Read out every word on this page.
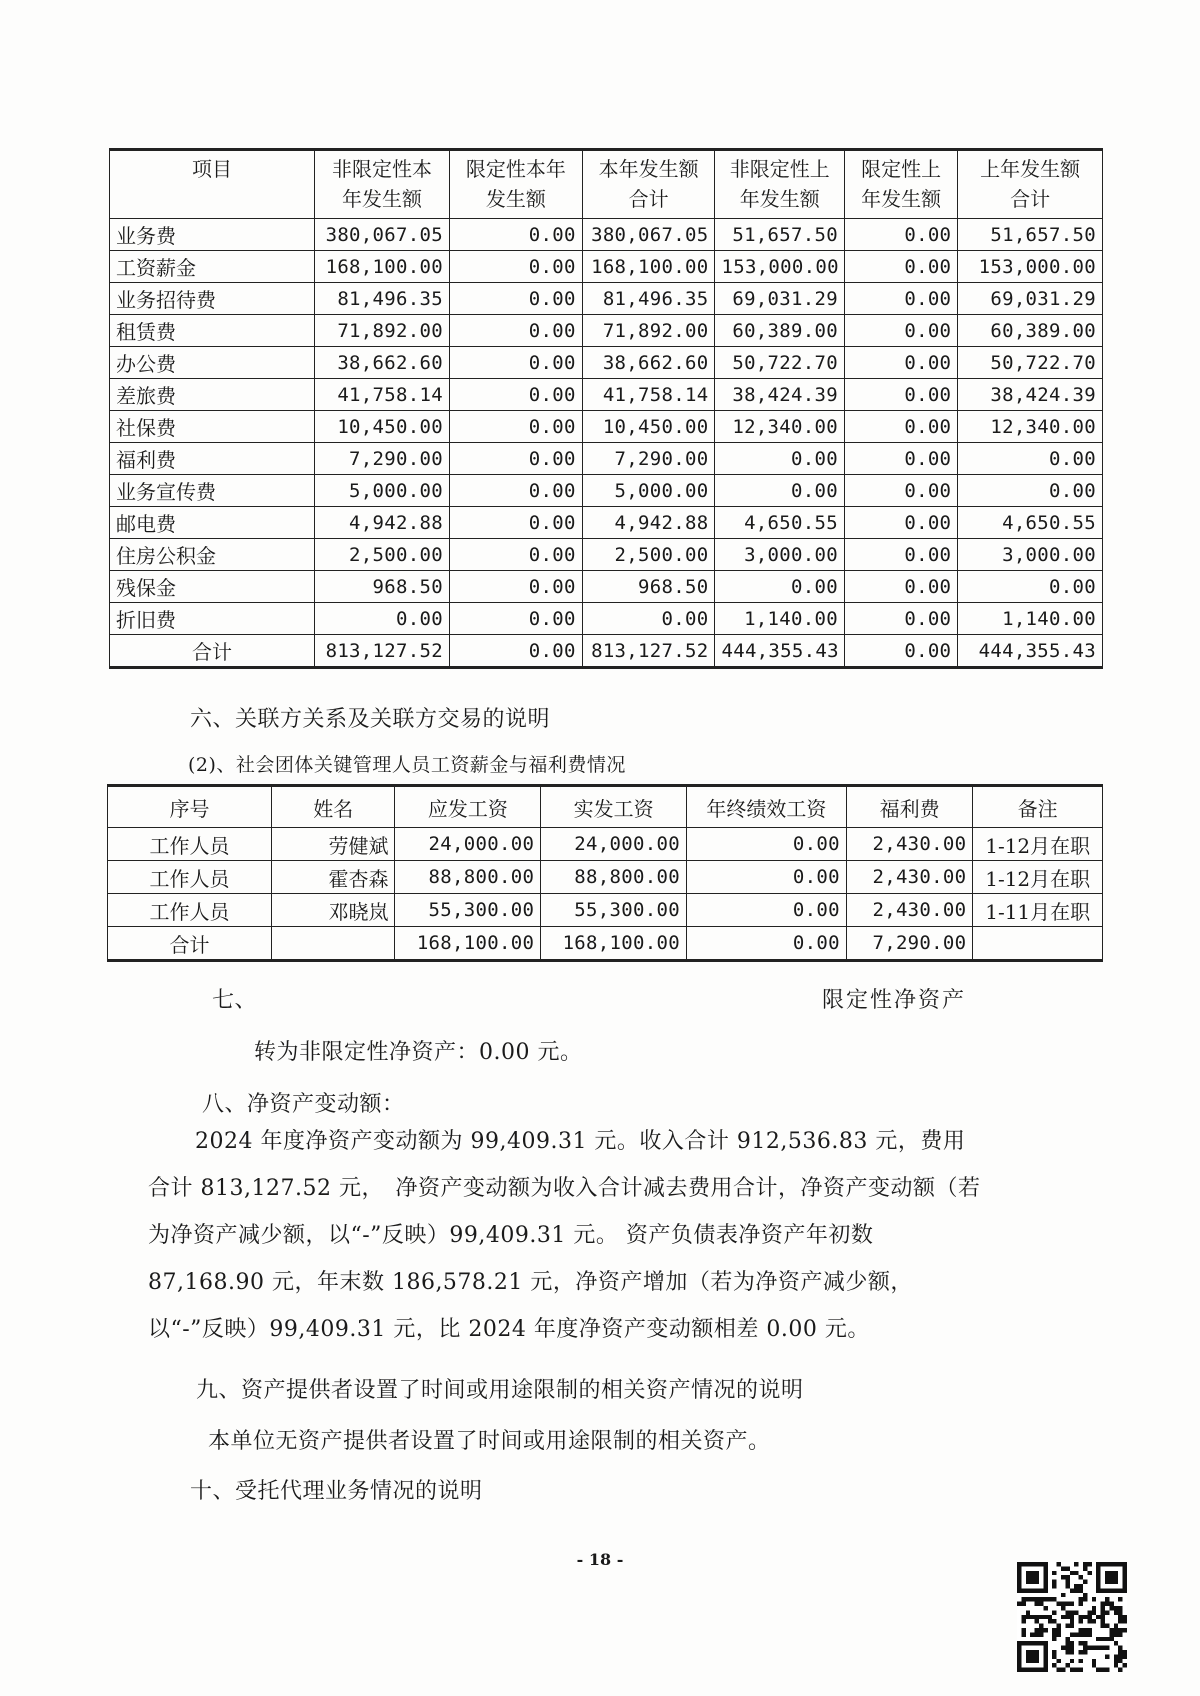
项目	非限定性本年发生额	限定性本年发生额	本年发生额合计	非限定性上年发生额	限定性上年发生额	上年发生额合计
业务费	380,067.05	0.00	380,067.05	51,657.50	0.00	51,657.50
工资薪金	168,100.00	0.00	168,100.00	153,000.00	0.00	153,000.00
业务招待费	81,496.35	0.00	81,496.35	69,031.29	0.00	69,031.29
租赁费	71,892.00	0.00	71,892.00	60,389.00	0.00	60,389.00
办公费	38,662.60	0.00	38,662.60	50,722.70	0.00	50,722.70
差旅费	41,758.14	0.00	41,758.14	38,424.39	0.00	38,424.39
社保费	10,450.00	0.00	10,450.00	12,340.00	0.00	12,340.00
福利费	7,290.00	0.00	7,290.00	0.00	0.00	0.00
业务宣传费	5,000.00	0.00	5,000.00	0.00	0.00	0.00
邮电费	4,942.88	0.00	4,942.88	4,650.55	0.00	4,650.55
住房公积金	2,500.00	0.00	2,500.00	3,000.00	0.00	3,000.00
残保金	968.50	0.00	968.50	0.00	0.00	0.00
折旧费	0.00	0.00	0.00	1,140.00	0.00	1,140.00
合计	813,127.52	0.00	813,127.52	444,355.43	0.00	444,355.43
六、关联方关系及关联方交易的说明
(2)、社会团体关键管理人员工资薪金与福利费情况
序号	姓名	应发工资	实发工资	年终绩效工资	福利费	备注
工作人员	劳健斌	24,000.00	24,000.00	0.00	2,430.00	1-12月在职
工作人员	霍杏森	88,800.00	88,800.00	0.00	2,430.00	1-12月在职
工作人员	邓晓岚	55,300.00	55,300.00	0.00	2,430.00	1-11月在职
合计		168,100.00	168,100.00	0.00	7,290.00	
七、	限定性净资产
转为非限定性净资产：0.00 元。
八、净资产变动额：
2024 年度净资产变动额为 99,409.31 元。收入合计 912,536.83 元，费用合计 813,127.52 元，　净资产变动额为收入合计减去费用合计，净资产变动额（若为净资产减少额，以“-”反映）99,409.31 元。 资产负债表净资产年初数 87,168.90 元，年末数 186,578.21 元，净资产增加（若为净资产减少额，以“-”反映）99,409.31 元，比 2024 年度净资产变动额相差 0.00 元。
九、资产提供者设置了时间或用途限制的相关资产情况的说明
本单位无资产提供者设置了时间或用途限制的相关资产。
十、受托代理业务情况的说明
- 18 -
